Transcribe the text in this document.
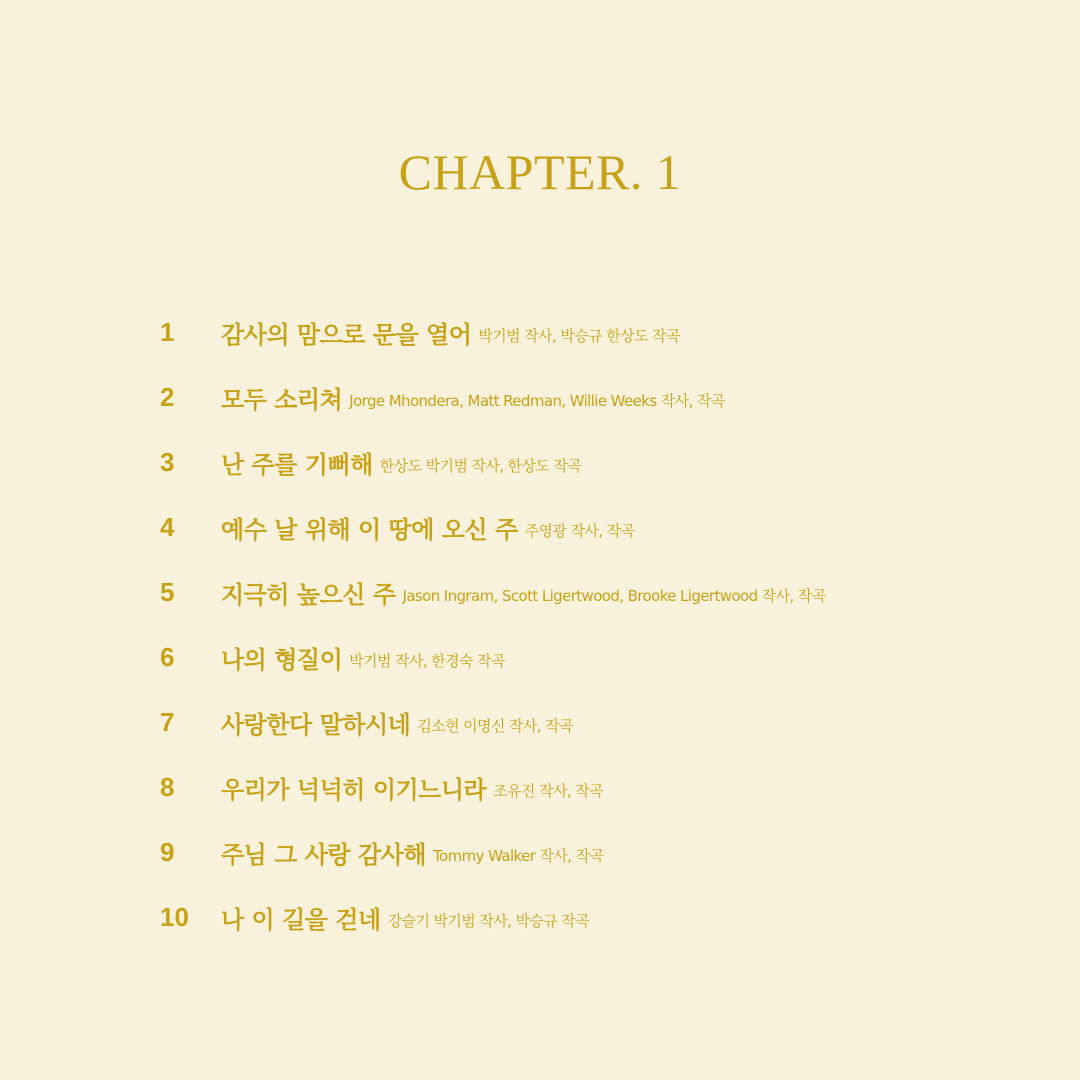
CHAPTER. 1
1	감사의 맘으로 문을 열어 박기범 작사, 박승규 한상도 작곡
2	모두 소리쳐 Jorge Mhondera, Matt Redman, Willie Weeks 작사, 작곡
3	난 주를 기뻐해 한상도 박기범 작사, 한상도 작곡
4	예수 날 위해 이 땅에 오신 주 주영광 작사, 작곡
5	지극히 높으신 주 Jason Ingram, Scott Ligertwood, Brooke Ligertwood 작사, 작곡
6	나의 형질이 박기범 작사, 한경숙 작곡
7	사랑한다 말하시네 김소현 이명신 작사, 작곡
8	우리가 넉넉히 이기느니라 조유진 작사, 작곡
9	주님 그 사랑 감사해 Tommy Walker 작사, 작곡
10	나 이 길을 걷네 강슬기 박기범 작사, 박승규 작곡
